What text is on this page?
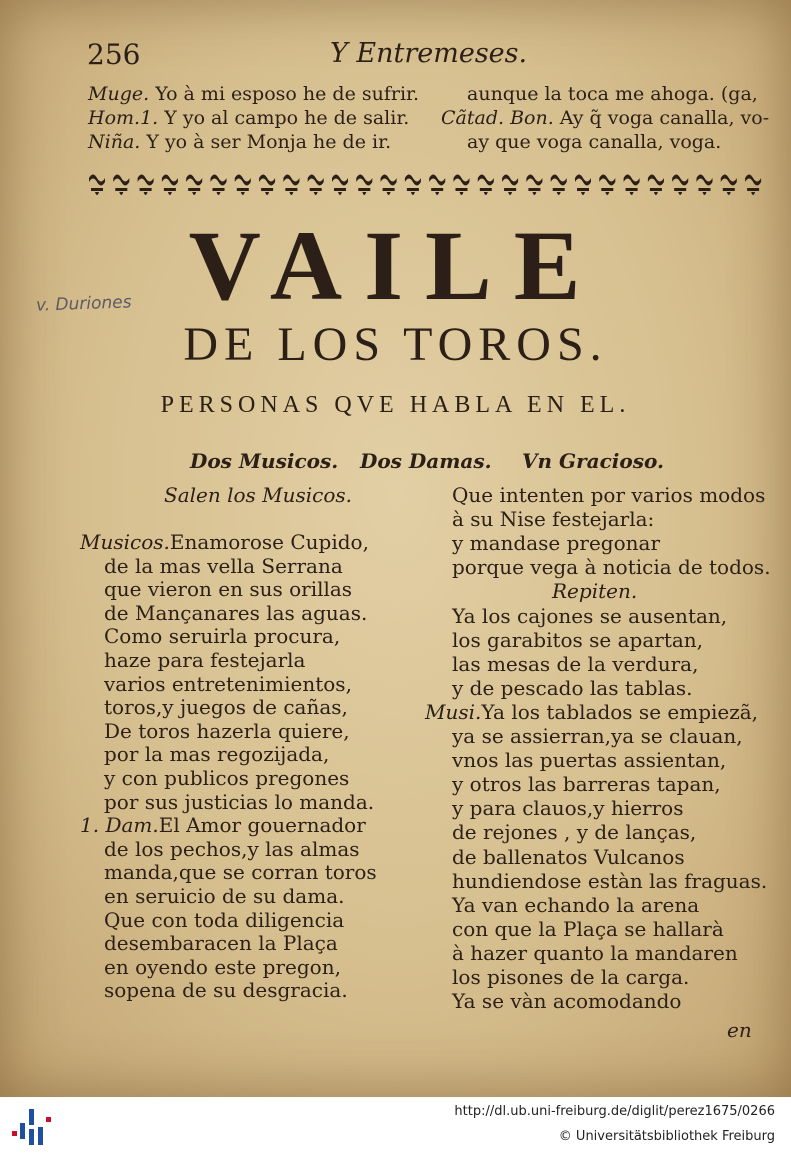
256	Y Entremeses.
Muge. Yo à mi esposo he de sufrir.
Hom.1. Y yo al campo he de salir.
Niña. Y yo à ser Monja he de ir.
aunque la toca me ahoga. (ga,
Cãtad. Bon. Ay q̃ voga canalla, vo-
ay que voga canalla, voga.
v. Duriones VAILE
DE LOS TOROS.
PERSONAS QVE HABLA EN EL.
Dos Musicos. Dos Damas. Vn Gracioso.
Salen los Musicos.
Musicos.Enamorose Cupido,
de la mas vella Serrana
que vieron en sus orillas
de Mançanares las aguas.
Como seruirla procura,
haze para festejarla
varios entretenimientos,
toros,y juegos de cañas,
De toros hazerla quiere,
por la mas regozijada,
y con publicos pregones
por sus justicias lo manda.
1. Dam.El Amor gouernador
de los pechos,y las almas
manda,que se corran toros
en seruicio de su dama.
Que con toda diligencia
desembaracen la Plaça
en oyendo este pregon,
sopena de su desgracia.
Que intenten por varios modos
à su Nise festejarla:
y mandase pregonar
porque vega à noticia de todos.
Repiten.
Ya los cajones se ausentan,
los garabitos se apartan,
las mesas de la verdura,
y de pescado las tablas.
Musi.Ya los tablados se empiezã,
ya se assierran,ya se clauan,
vnos las puertas assientan,
y otros las barreras tapan,
y para clauos,y hierros
de rejones , y de lanças,
de ballenatos Vulcanos
hundiendose estàn las fraguas.
Ya van echando la arena
con que la Plaça se hallarà
à hazer quanto la mandaren
los pisones de la carga.
Ya se vàn acomodando
en
http://dl.ub.uni-freiburg.de/diglit/perez1675/0266
© Universitätsbibliothek Freiburg
